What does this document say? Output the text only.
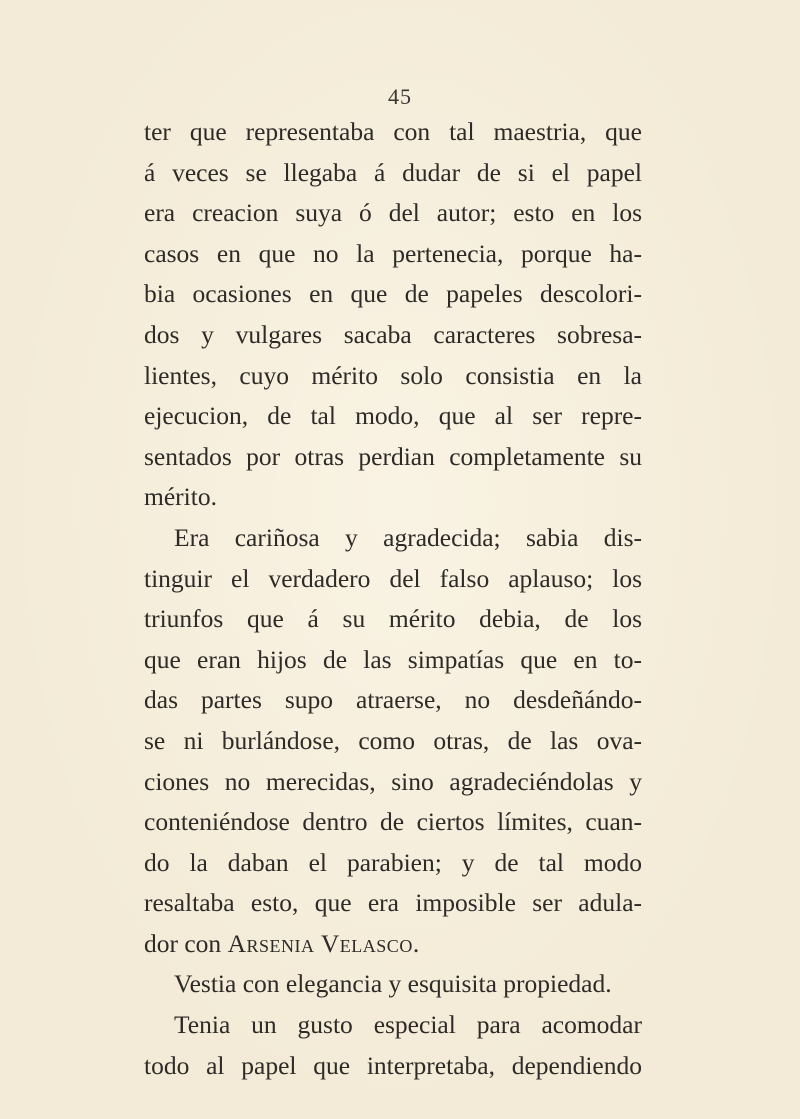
45
ter que representaba con tal maestria, que
á veces se llegaba á dudar de si el papel
era creacion suya ó del autor; esto en los
casos en que no la pertenecia, porque ha-
bia ocasiones en que de papeles descolori-
dos y vulgares sacaba caracteres sobresa-
lientes, cuyo mérito solo consistia en la
ejecucion, de tal modo, que al ser repre-
sentados por otras perdian completamente su
mérito.
Era cariñosa y agradecida; sabia dis-
tinguir el verdadero del falso aplauso; los
triunfos que á su mérito debia, de los
que eran hijos de las simpatías que en to-
das partes supo atraerse, no desdeñándo-
se ni burlándose, como otras, de las ova-
ciones no merecidas, sino agradeciéndolas y
conteniéndose dentro de ciertos límites, cuan-
do la daban el parabien; y de tal modo
resaltaba esto, que era imposible ser adula-
dor con Arsenia Velasco.
Vestia con elegancia y esquisita propiedad.
Tenia un gusto especial para acomodar
todo al papel que interpretaba, dependiendo
